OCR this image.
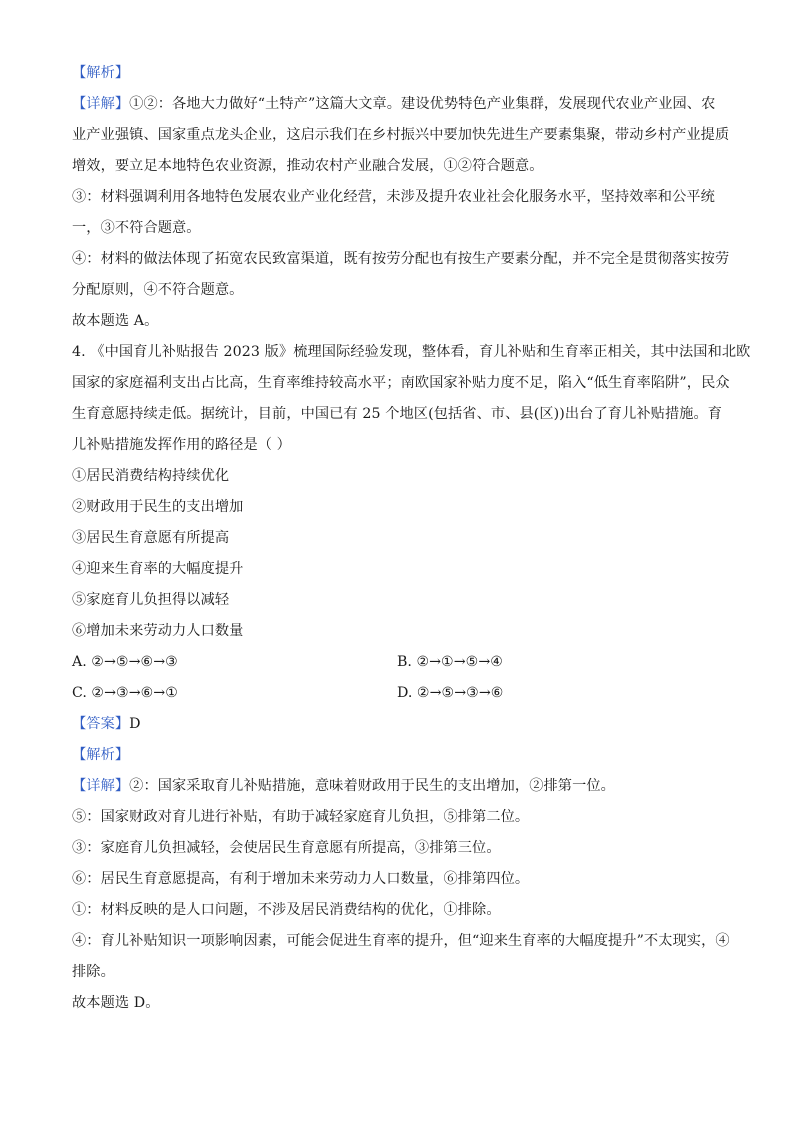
【解析】
【详解】①②：各地大力做好“土特产”这篇大文章。建设优势特色产业集群，发展现代农业产业园、农
业产业强镇、国家重点龙头企业，这启示我们在乡村振兴中要加快先进生产要素集聚，带动乡村产业提质
增效，要立足本地特色农业资源，推动农村产业融合发展，①②符合题意。
③：材料强调利用各地特色发展农业产业化经营，未涉及提升农业社会化服务水平，坚持效率和公平统
一，③不符合题意。
④：材料的做法体现了拓宽农民致富渠道，既有按劳分配也有按生产要素分配，并不完全是贯彻落实按劳
分配原则，④不符合题意。
故本题选 A。
4. 《中国育儿补贴报告 2023 版》梳理国际经验发现，整体看，育儿补贴和生育率正相关，其中法国和北欧
国家的家庭福利支出占比高，生育率维持较高水平；南欧国家补贴力度不足，陷入“低生育率陷阱”，民众
生育意愿持续走低。据统计，目前，中国已有 25 个地区(包括省、市、县(区))出台了育儿补贴措施。育
儿补贴措施发挥作用的路径是（ ）
①居民消费结构持续优化
②财政用于民生的支出增加
③居民生育意愿有所提高
④迎来生育率的大幅度提升
⑤家庭育儿负担得以减轻
⑥增加未来劳动力人口数量
A. ②→⑤→⑥→③	B. ②→①→⑤→④
C. ②→③→⑥→①	D. ②→⑤→③→⑥
【答案】D
【解析】
【详解】②：国家采取育儿补贴措施，意味着财政用于民生的支出增加，②排第一位。
⑤：国家财政对育儿进行补贴，有助于减轻家庭育儿负担，⑤排第二位。
③：家庭育儿负担减轻，会使居民生育意愿有所提高，③排第三位。
⑥：居民生育意愿提高，有利于增加未来劳动力人口数量，⑥排第四位。
①：材料反映的是人口问题，不涉及居民消费结构的优化，①排除。
④：育儿补贴知识一项影响因素，可能会促进生育率的提升，但“迎来生育率的大幅度提升”不太现实，④
排除。
故本题选 D。
